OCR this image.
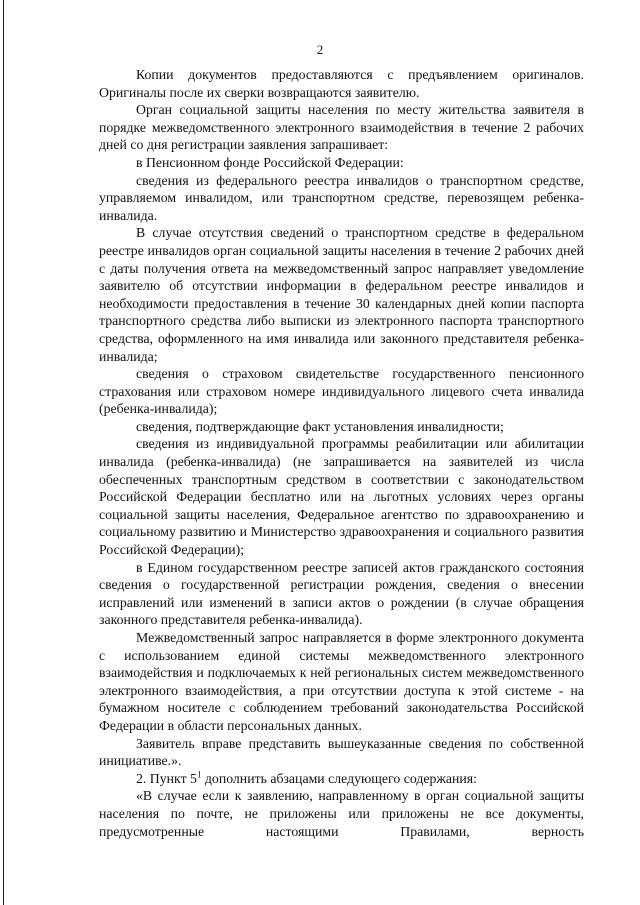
2

Копии документов предоставляются с предъявлением оригиналов. Оригиналы после их сверки возвращаются заявителю.

Орган социальной защиты населения по месту жительства заявителя в порядке межведомственного электронного взаимодействия в течение 2 рабочих дней со дня регистрации заявления запрашивает:

в Пенсионном фонде Российской Федерации:

сведения из федерального реестра инвалидов о транспортном средстве, управляемом инвалидом, или транспортном средстве, перевозящем ребенка-инвалида.

В случае отсутствия сведений о транспортном средстве в федеральном реестре инвалидов орган социальной защиты населения в течение 2 рабочих дней с даты получения ответа на межведомственный запрос направляет уведомление заявителю об отсутствии информации в федеральном реестре инвалидов и необходимости предоставления в течение 30 календарных дней копии паспорта транспортного средства либо выписки из электронного паспорта транспортного средства, оформленного на имя инвалида или законного представителя ребенка-инвалида;

сведения о страховом свидетельстве государственного пенсионного страхования или страховом номере индивидуального лицевого счета инвалида (ребенка-инвалида);

сведения, подтверждающие факт установления инвалидности;

сведения из индивидуальной программы реабилитации или абилитации инвалида (ребенка-инвалида) (не запрашивается на заявителей из числа обеспеченных транспортным средством в соответствии с законодательством Российской Федерации бесплатно или на льготных условиях через органы социальной защиты населения, Федеральное агентство по здравоохранению и социальному развитию и Министерство здравоохранения и социального развития Российской Федерации);

в Едином государственном реестре записей актов гражданского состояния сведения о государственной регистрации рождения, сведения о внесении исправлений или изменений в записи актов о рождении (в случае обращения законного представителя ребенка-инвалида).

Межведомственный запрос направляется в форме электронного документа с использованием единой системы межведомственного электронного взаимодействия и подключаемых к ней региональных систем межведомственного электронного взаимодействия, а при отсутствии доступа к этой системе - на бумажном носителе с соблюдением требований законодательства Российской Федерации в области персональных данных.

Заявитель вправе представить вышеуказанные сведения по собственной инициативе.».

2. Пункт $5^1$ дополнить абзацами следующего содержания:

«В случае если к заявлению, направленному в орган социальной защиты населения по почте, не приложены или приложены не все документы, предусмотренные настоящими Правилами, верность
